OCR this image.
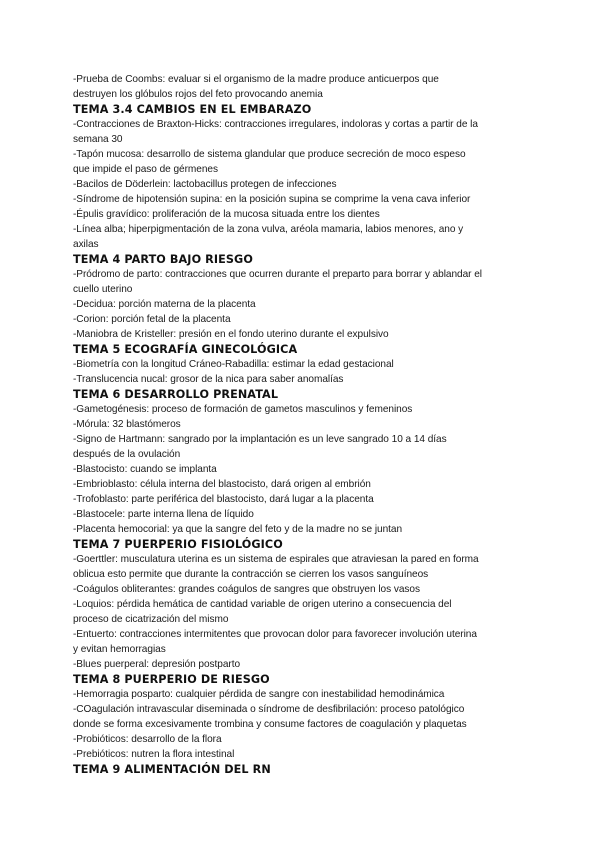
-Prueba de Coombs: evaluar si el organismo de la madre produce anticuerpos que
destruyen los glóbulos rojos del feto provocando anemia
TEMA 3.4 CAMBIOS EN EL EMBARAZO
-Contracciones de Braxton-Hicks: contracciones irregulares, indoloras y cortas a partir de la
semana 30
-Tapón mucosa: desarrollo de sistema glandular que produce secreción de moco espeso
que impide el paso de gérmenes
-Bacilos de Döderlein: lactobacillus protegen de infecciones
-Síndrome de hipotensión supina: en la posición supina se comprime la vena cava inferior
-Épulis gravídico: proliferación de la mucosa situada entre los dientes
-Línea alba; hiperpigmentación de la zona vulva, aréola mamaria, labios menores, ano y
axilas
TEMA 4 PARTO BAJO RIESGO
-Pródromo de parto: contracciones que ocurren durante el preparto para borrar y ablandar el
cuello uterino
-Decidua: porción materna de la placenta
-Corion: porción fetal de la placenta
-Maniobra de Kristeller: presión en el fondo uterino durante el expulsivo
TEMA 5 ECOGRAFÍA GINECOLÓGICA
-Biometría con la longitud Cráneo-Rabadilla: estimar la edad gestacional
-Translucencia nucal: grosor de la nica para saber anomalías
TEMA 6 DESARROLLO PRENATAL
-Gametogénesis: proceso de formación de gametos masculinos y femeninos
-Mórula: 32 blastómeros
-Signo de Hartmann: sangrado por la implantación es un leve sangrado 10 a 14 días
después de la ovulación
-Blastocisto: cuando se implanta
-Embrioblasto: célula interna del blastocisto, dará origen al embrión
-Trofoblasto: parte periférica del blastocisto, dará lugar a la placenta
-Blastocele: parte interna llena de líquido
-Placenta hemocorial: ya que la sangre del feto y de la madre no se juntan
TEMA 7 PUERPERIO FISIOLÓGICO
-Goerttler: musculatura uterina es un sistema de espirales que atraviesan la pared en forma
oblicua esto permite que durante la contracción se cierren los vasos sanguíneos
-Coágulos obliterantes: grandes coágulos de sangres que obstruyen los vasos
-Loquios: pérdida hemática de cantidad variable de origen uterino a consecuencia del
proceso de cicatrización del mismo
-Entuerto: contracciones intermitentes que provocan dolor para favorecer involución uterina
y evitan hemorragias
-Blues puerperal: depresión postparto
TEMA 8 PUERPERIO DE RIESGO
-Hemorragia posparto: cualquier pérdida de sangre con inestabilidad hemodinámica
-COagulación intravascular diseminada o síndrome de desfibrilación: proceso patológico
donde se forma excesivamente trombina y consume factores de coagulación y plaquetas
-Probióticos: desarrollo de la flora
-Prebióticos: nutren la flora intestinal
TEMA 9 ALIMENTACIÓN DEL RN
